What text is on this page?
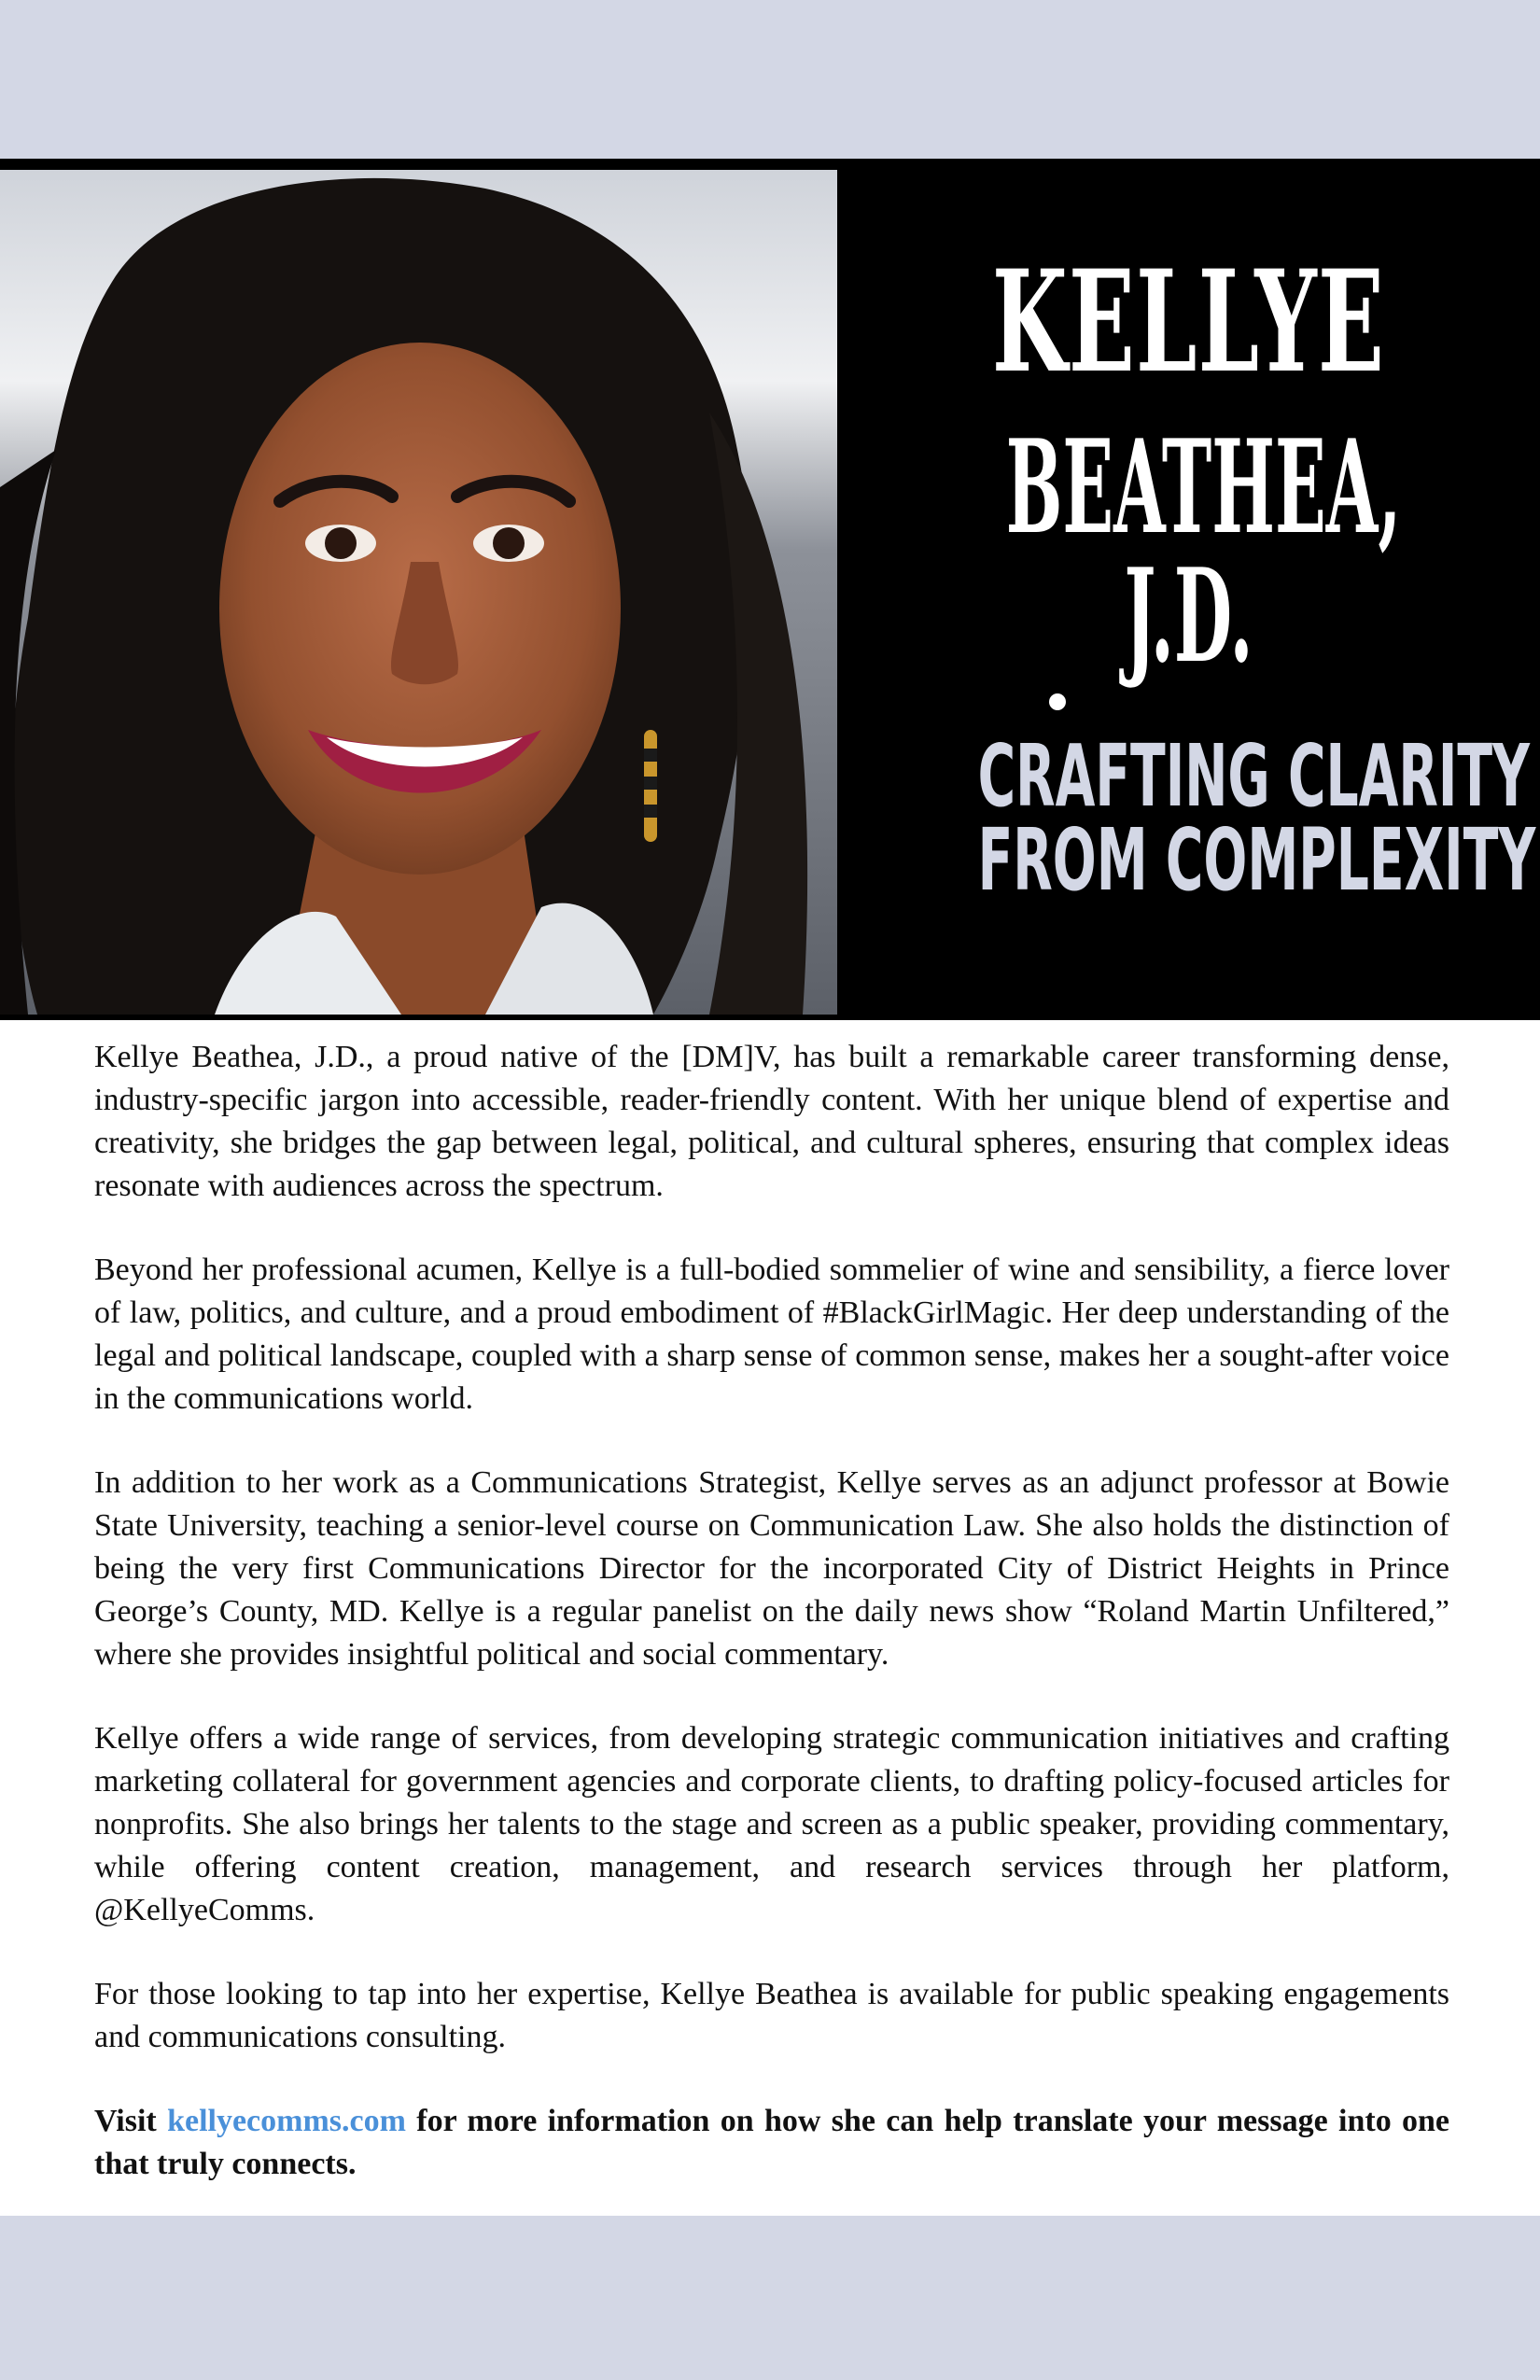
KELLYE
BEATHEA, J.D.
CRAFTING CLARITY
FROM COMPLEXITY

Kellye Beathea, J.D., a proud native of the [DM]V, has built a remarkable career transforming dense, industry-specific jargon into accessible, reader-friendly content. With her unique blend of expertise and creativity, she bridges the gap between legal, political, and cultural spheres, ensuring that complex ideas resonate with audiences across the spectrum.

Beyond her professional acumen, Kellye is a full-bodied sommelier of wine and sensibility, a fierce lover of law, politics, and culture, and a proud embodiment of #BlackGirlMagic. Her deep understanding of the legal and political landscape, coupled with a sharp sense of common sense, makes her a sought-after voice in the communications world.

In addition to her work as a Communications Strategist, Kellye serves as an adjunct professor at Bowie State University, teaching a senior-level course on Communication Law. She also holds the distinction of being the very first Communications Director for the incorporated City of District Heights in Prince George’s County, MD. Kellye is a regular panelist on the daily news show “Roland Martin Unfiltered,” where she provides insightful political and social commentary.

Kellye offers a wide range of services, from developing strategic communication initiatives and crafting marketing collateral for government agencies and corporate clients, to drafting policy-focused articles for nonprofits. She also brings her talents to the stage and screen as a public speaker, providing commentary, while offering content creation, management, and research services through her platform, @KellyeComms.

For those looking to tap into her expertise, Kellye Beathea is available for public speaking engagements and communications consulting.

Visit kellyecomms.com for more information on how she can help translate your message into one that truly connects.
